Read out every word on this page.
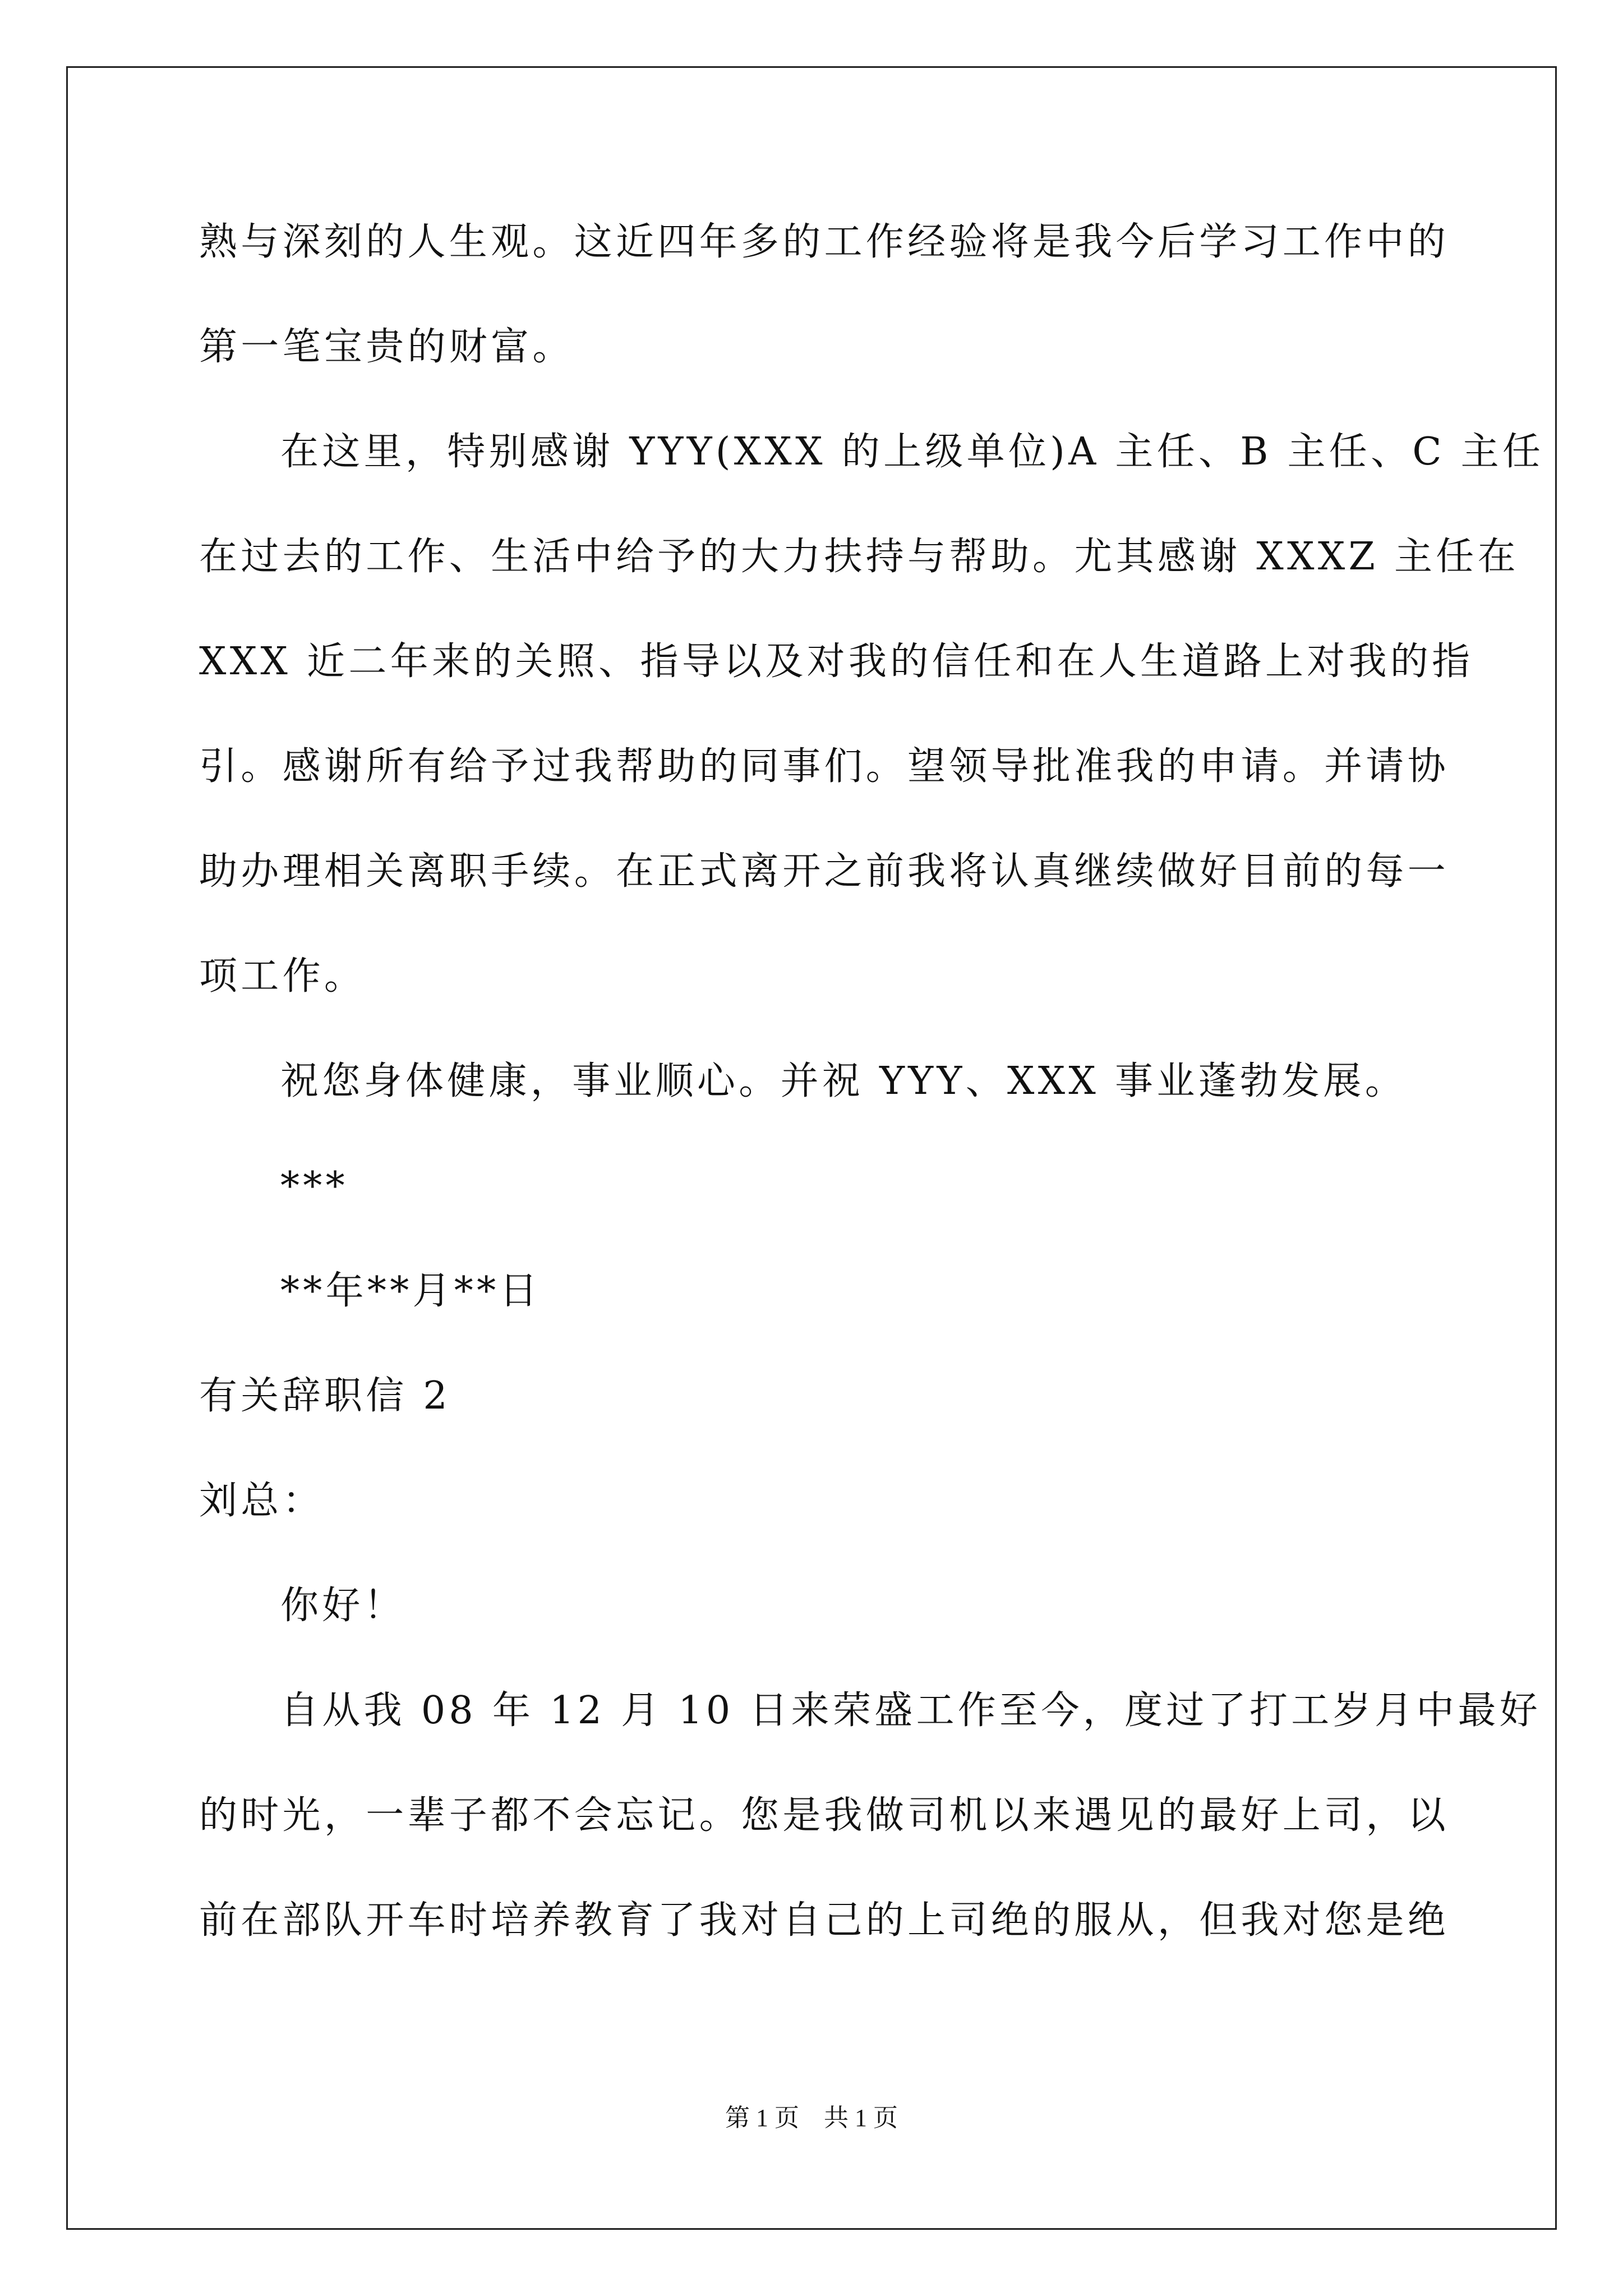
熟与深刻的人生观。这近四年多的工作经验将是我今后学习工作中的
第一笔宝贵的财富。
在这里，特别感谢 YYY(XXX 的上级单位)A 主任、B 主任、C 主任
在过去的工作、生活中给予的大力扶持与帮助。尤其感谢 XXXZ 主任在
XXX 近二年来的关照、指导以及对我的信任和在人生道路上对我的指
引。感谢所有给予过我帮助的同事们。望领导批准我的申请。并请协
助办理相关离职手续。在正式离开之前我将认真继续做好目前的每一
项工作。
祝您身体健康，事业顺心。并祝 YYY、XXX 事业蓬勃发展。
***
**年**月**日
有关辞职信 2
刘总：
你好！
自从我 08 年 12 月 10 日来荣盛工作至今，度过了打工岁月中最好
的时光，一辈子都不会忘记。您是我做司机以来遇见的最好上司，以
前在部队开车时培养教育了我对自己的上司绝的服从，但我对您是绝
第 1 页　共 1 页
